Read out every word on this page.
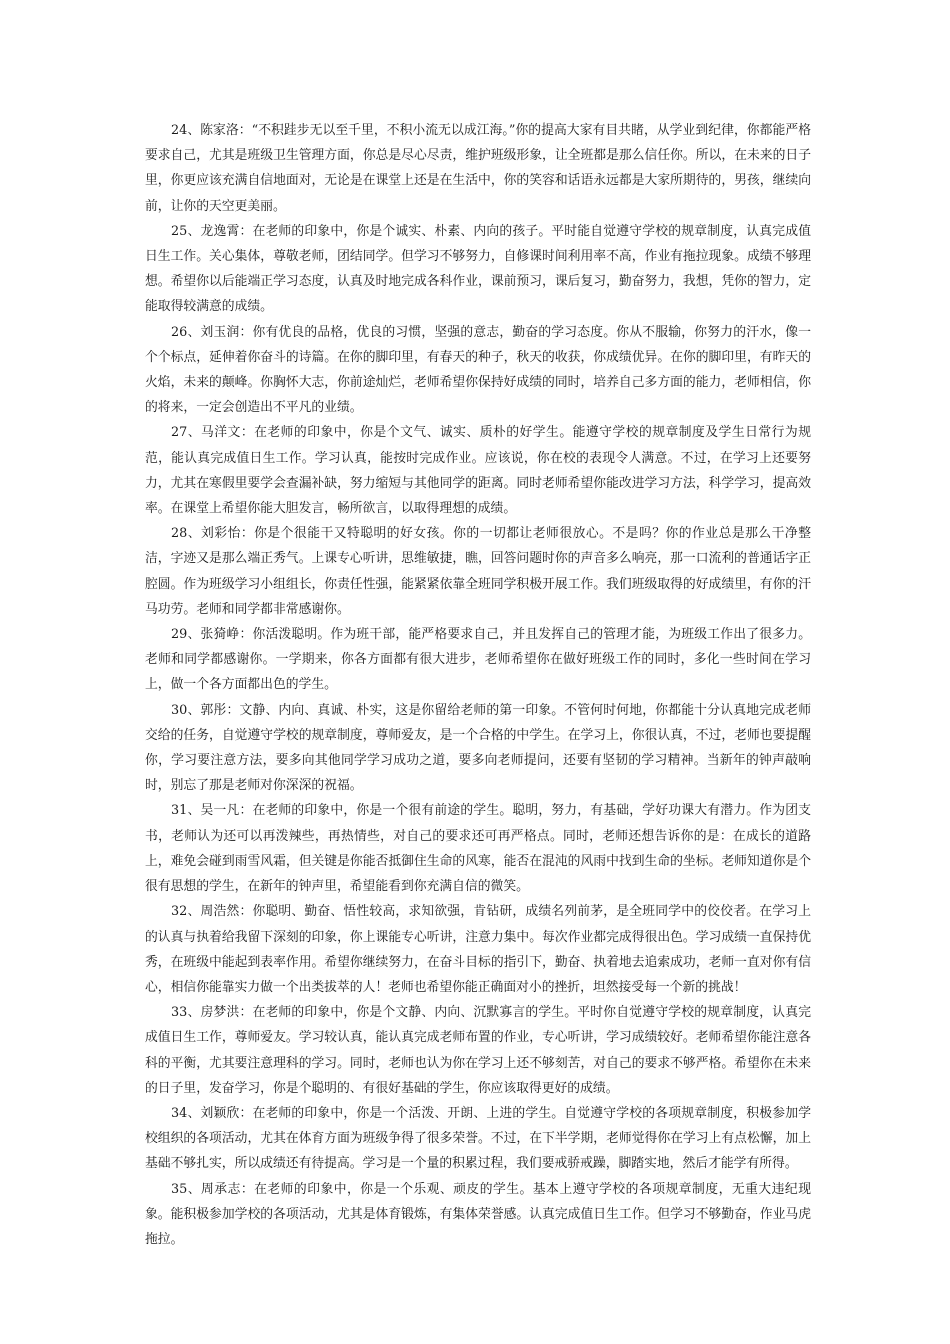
24、陈家洛：“不积跬步无以至千里，不积小流无以成江海。”你的提高大家有目共睹，从学业到纪律，你都能严格要求自己，尤其是班级卫生管理方面，你总是尽心尽责，维护班级形象，让全班都是那么信任你。所以，在未来的日子里，你更应该充满自信地面对，无论是在课堂上还是在生活中，你的笑容和话语永远都是大家所期待的，男孩，继续向前，让你的天空更美丽。

25、龙逸霄：在老师的印象中，你是个诚实、朴素、内向的孩子。平时能自觉遵守学校的规章制度，认真完成值日生工作。关心集体，尊敬老师，团结同学。但学习不够努力，自修课时间利用率不高，作业有拖拉现象。成绩不够理想。希望你以后能端正学习态度，认真及时地完成各科作业，课前预习，课后复习，勤奋努力，我想，凭你的智力，定能取得较满意的成绩。

26、刘玉润：你有优良的品格，优良的习惯，坚强的意志，勤奋的学习态度。你从不服输，你努力的汗水，像一个个标点，延伸着你奋斗的诗篇。在你的脚印里，有春天的种子，秋天的收获，你成绩优异。在你的脚印里，有昨天的火焰，未来的颠峰。你胸怀大志，你前途灿烂，老师希望你保持好成绩的同时，培养自己多方面的能力，老师相信，你的将来，一定会创造出不平凡的业绩。

27、马洋文：在老师的印象中，你是个文气、诚实、质朴的好学生。能遵守学校的规章制度及学生日常行为规范，能认真完成值日生工作。学习认真，能按时完成作业。应该说，你在校的表现令人满意。不过，在学习上还要努力，尤其在寒假里要学会查漏补缺，努力缩短与其他同学的距离。同时老师希望你能改进学习方法，科学学习，提高效率。在课堂上希望你能大胆发言，畅所欲言，以取得理想的成绩。

28、刘彩怡：你是个很能干又特聪明的好女孩。你的一切都让老师很放心。不是吗？你的作业总是那么干净整洁，字迹又是那么端正秀气。上课专心听讲，思维敏捷，瞧，回答问题时你的声音多么响亮，那一口流利的普通话字正腔圆。作为班级学习小组组长，你责任性强，能紧紧依靠全班同学积极开展工作。我们班级取得的好成绩里，有你的汗马功劳。老师和同学都非常感谢你。

29、张猗峥：你活泼聪明。作为班干部，能严格要求自己，并且发挥自己的管理才能，为班级工作出了很多力。老师和同学都感谢你。一学期来，你各方面都有很大进步，老师希望你在做好班级工作的同时，多化一些时间在学习上，做一个各方面都出色的学生。

30、郭彤：文静、内向、真诚、朴实，这是你留给老师的第一印象。不管何时何地，你都能十分认真地完成老师交给的任务，自觉遵守学校的规章制度，尊师爱友，是一个合格的中学生。在学习上，你很认真，不过，老师也要提醒你，学习要注意方法，要多向其他同学学习成功之道，要多向老师提问，还要有坚韧的学习精神。当新年的钟声敲响时，别忘了那是老师对你深深的祝福。

31、吴一凡：在老师的印象中，你是一个很有前途的学生。聪明，努力，有基础，学好功课大有潜力。作为团支书，老师认为还可以再泼辣些，再热情些，对自己的要求还可再严格点。同时，老师还想告诉你的是：在成长的道路上，难免会碰到雨雪风霜，但关键是你能否抵御住生命的风寒，能否在混沌的风雨中找到生命的坐标。老师知道你是个很有思想的学生，在新年的钟声里，希望能看到你充满自信的微笑。

32、周浩然：你聪明、勤奋、悟性较高，求知欲强，肯钻研，成绩名列前茅，是全班同学中的佼佼者。在学习上的认真与执着给我留下深刻的印象，你上课能专心听讲，注意力集中。每次作业都完成得很出色。学习成绩一直保持优秀，在班级中能起到表率作用。希望你继续努力，在奋斗目标的指引下，勤奋、执着地去追索成功，老师一直对你有信心，相信你能靠实力做一个出类拔萃的人！老师也希望你能正确面对小的挫折，坦然接受每一个新的挑战！

33、房梦洪：在老师的印象中，你是个文静、内向、沉默寡言的学生。平时你自觉遵守学校的规章制度，认真完成值日生工作，尊师爱友。学习较认真，能认真完成老师布置的作业，专心听讲，学习成绩较好。老师希望你能注意各科的平衡，尤其要注意理科的学习。同时，老师也认为你在学习上还不够刻苦，对自己的要求不够严格。希望你在未来的日子里，发奋学习，你是个聪明的、有很好基础的学生，你应该取得更好的成绩。

34、刘颖欣：在老师的印象中，你是一个活泼、开朗、上进的学生。自觉遵守学校的各项规章制度，积极参加学校组织的各项活动，尤其在体育方面为班级争得了很多荣誉。不过，在下半学期，老师觉得你在学习上有点松懈，加上基础不够扎实，所以成绩还有待提高。学习是一个量的积累过程，我们要戒骄戒躁，脚踏实地，然后才能学有所得。

35、周承志：在老师的印象中，你是一个乐观、顽皮的学生。基本上遵守学校的各项规章制度，无重大违纪现象。能积极参加学校的各项活动，尤其是体育锻炼，有集体荣誉感。认真完成值日生工作。但学习不够勤奋，作业马虎拖拉。
